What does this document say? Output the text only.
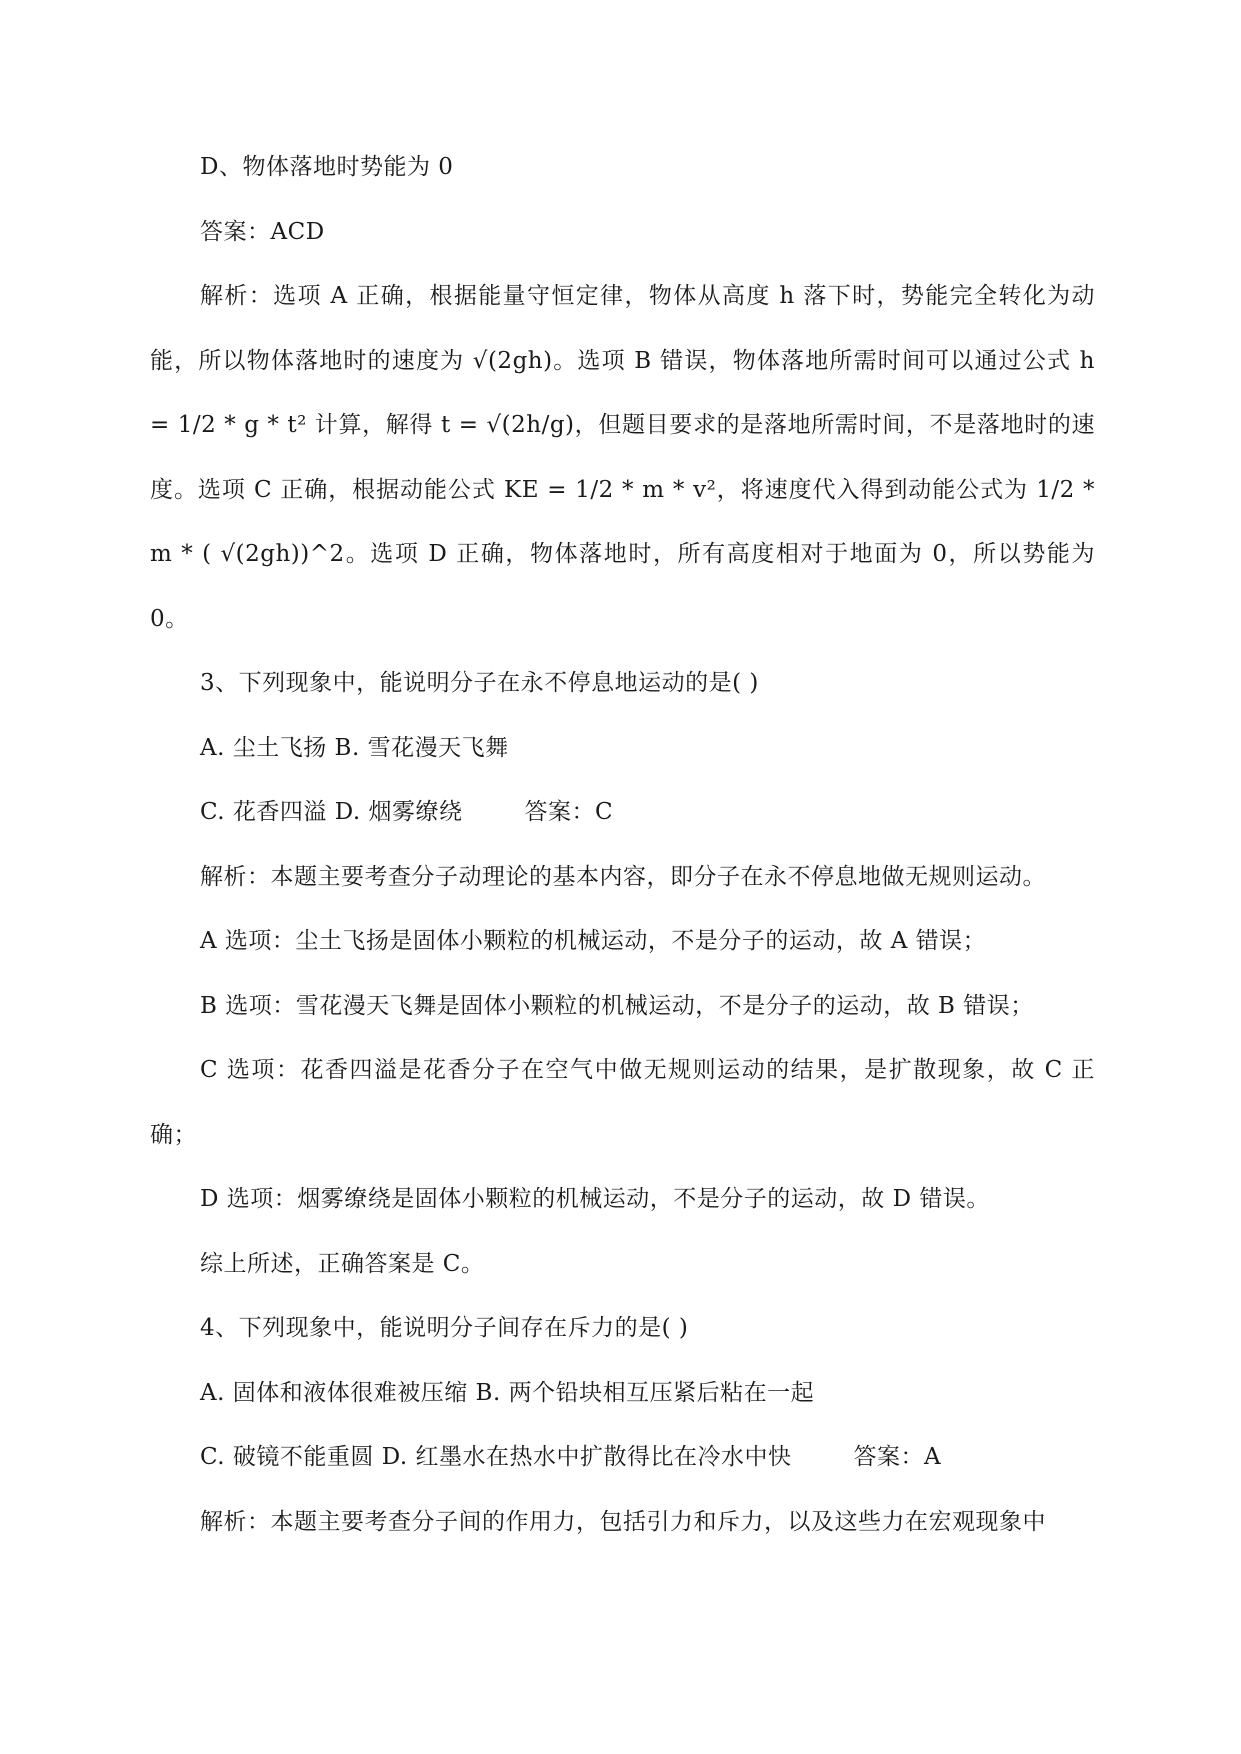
D、物体落地时势能为 0
答案：ACD

解析：选项 A 正确，根据能量守恒定律，物体从高度 h 落下时，势能完全转化为动能，所以物体落地时的速度为 √(2gh)。选项 B 错误，物体落地所需时间可以通过公式 h = 1/2 * g * t² 计算，解得 t = √(2h/g)，但题目要求的是落地所需时间，不是落地时的速度。选项 C 正确，根据动能公式 KE = 1/2 * m * v²，将速度代入得到动能公式为 1/2 * m * ( √(2gh))^2。选项 D 正确，物体落地时，所有高度相对于地面为 0，所以势能为 0。

3、下列现象中，能说明分子在永不停息地运动的是( )
A. 尘土飞扬 B. 雪花漫天飞舞
C. 花香四溢 D. 烟雾缭绕	答案：C
解析：本题主要考查分子动理论的基本内容，即分子在永不停息地做无规则运动。
A 选项：尘土飞扬是固体小颗粒的机械运动，不是分子的运动，故 A 错误；
B 选项：雪花漫天飞舞是固体小颗粒的机械运动，不是分子的运动，故 B 错误；

C 选项：花香四溢是花香分子在空气中做无规则运动的结果，是扩散现象，故 C 正确；

D 选项：烟雾缭绕是固体小颗粒的机械运动，不是分子的运动，故 D 错误。
综上所述，正确答案是 C。
4、下列现象中，能说明分子间存在斥力的是( )
A. 固体和液体很难被压缩 B. 两个铅块相互压紧后粘在一起
C. 破镜不能重圆 D. 红墨水在热水中扩散得比在冷水中快	答案：A
解析：本题主要考查分子间的作用力，包括引力和斥力，以及这些力在宏观现象中
